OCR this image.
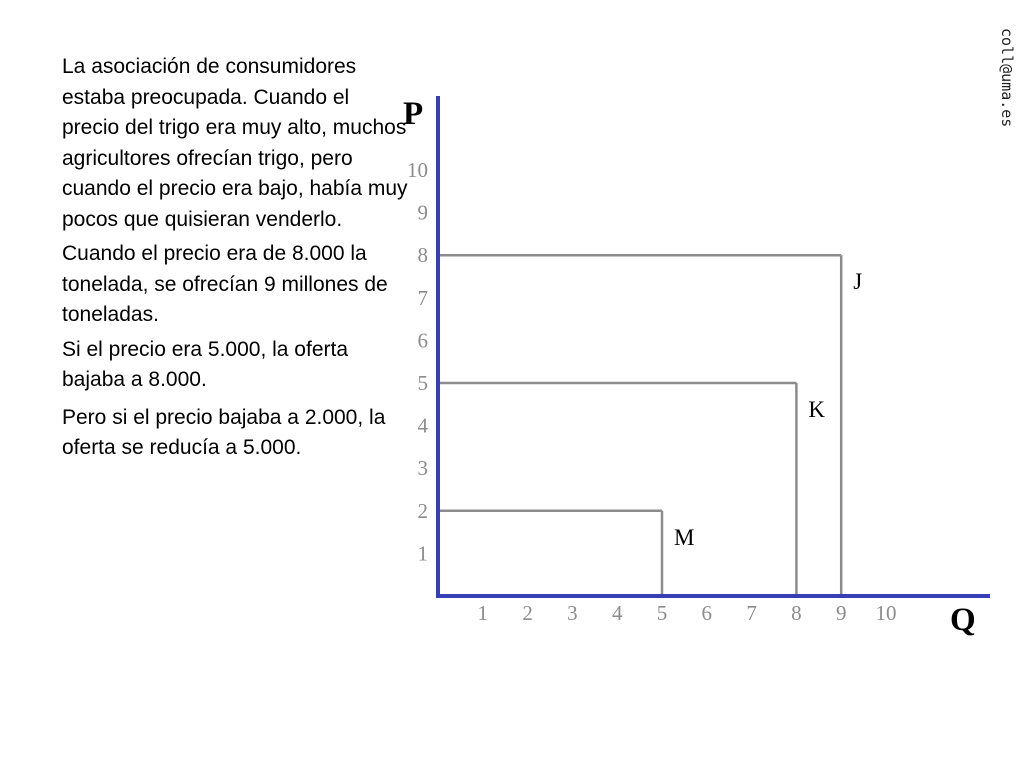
La asociación de consumidores estaba preocupada. Cuando el precio del trigo era muy alto, muchos agricultores ofrecían trigo, pero cuando el precio era bajo, había muy pocos que quisieran venderlo.

Cuando el precio era de 8.000 la tonelada, se ofrecían 9 millones de toneladas.

Si el precio era 5.000, la oferta bajaba a 8.000.

Pero si el precio bajaba a 2.000, la oferta se reducía a 5.000.

coll@uma.es
1
2
3
4
5
6
7
8
9
10
1 2 3 4 5 6 7 8 9 10
P
Q
J
K
M
